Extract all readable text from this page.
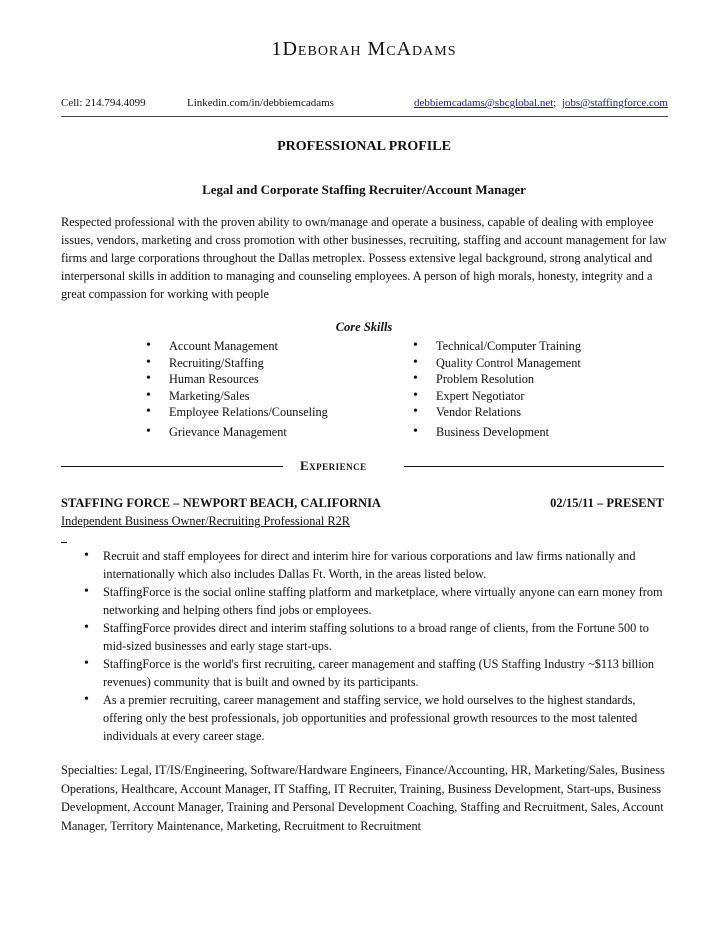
1Deborah McAdams
Cell: 214.794.4099	Linkedin.com/in/debbiemcadams	debbiemcadams@sbcglobal.net; jobs@staffingforce.com
PROFESSIONAL PROFILE
Legal and Corporate Staffing Recruiter/Account Manager

Respected professional with the proven ability to own/manage and operate a business, capable of dealing with employee issues, vendors, marketing and cross promotion with other businesses, recruiting, staffing and account management for law firms and large corporations throughout the Dallas metroplex. Possess extensive legal background, strong analytical and interpersonal skills in addition to managing and counseling employees. A person of high morals, honesty, integrity and a great compassion for working with people

Core Skills
• Account Management
• Recruiting/Staffing
• Human Resources
• Marketing/Sales
• Employee Relations/Counseling
• Grievance Management
• Technical/Computer Training
• Quality Control Management
• Problem Resolution
• Expert Negotiator
• Vendor Relations
• Business Development
Experience
STAFFING FORCE – NEWPORT BEACH, CALIFORNIA	02/15/11 – PRESENT
Independent Business Owner/Recruiting Professional R2R

• Recruit and staff employees for direct and interim hire for various corporations and law firms nationally and internationally which also includes Dallas Ft. Worth, in the areas listed below.
• StaffingForce is the social online staffing platform and marketplace, where virtually anyone can earn money from networking and helping others find jobs or employees.
• StaffingForce provides direct and interim staffing solutions to a broad range of clients, from the Fortune 500 to mid-sized businesses and early stage start-ups.
• StaffingForce is the world's first recruiting, career management and staffing (US Staffing Industry ~$113 billion revenues) community that is built and owned by its participants.
• As a premier recruiting, career management and staffing service, we hold ourselves to the highest standards, offering only the best professionals, job opportunities and professional growth resources to the most talented individuals at every career stage.

Specialties: Legal, IT/IS/Engineering, Software/Hardware Engineers, Finance/Accounting, HR, Marketing/Sales, Business Operations, Healthcare, Account Manager, IT Staffing, IT Recruiter, Training, Business Development, Start-ups, Business Development, Account Manager, Training and Personal Development Coaching, Staffing and Recruitment, Sales, Account Manager, Territory Maintenance, Marketing, Recruitment to Recruitment
